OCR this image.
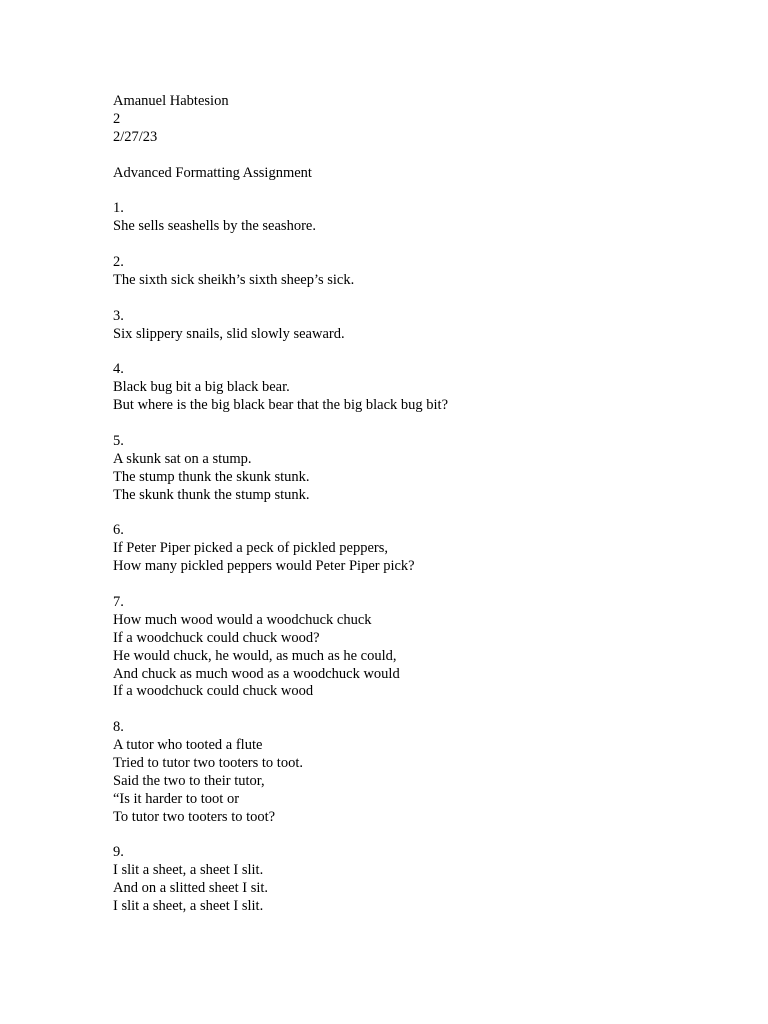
Amanuel Habtesion
2
2/27/23
Advanced Formatting Assignment
1.
She sells seashells by the seashore.
2.
The sixth sick sheikh’s sixth sheep’s sick.
3.
Six slippery snails, slid slowly seaward.
4.
Black bug bit a big black bear.
But where is the big black bear that the big black bug bit?
5.
A skunk sat on a stump.
The stump thunk the skunk stunk.
The skunk thunk the stump stunk.
6.
If Peter Piper picked a peck of pickled peppers,
How many pickled peppers would Peter Piper pick?
7.
How much wood would a woodchuck chuck
If a woodchuck could chuck wood?
He would chuck, he would, as much as he could,
And chuck as much wood as a woodchuck would
If a woodchuck could chuck wood
8.
A tutor who tooted a flute
Tried to tutor two tooters to toot.
Said the two to their tutor,
“Is it harder to toot or
To tutor two tooters to toot?
9.
I slit a sheet, a sheet I slit.
And on a slitted sheet I sit.
I slit a sheet, a sheet I slit.
